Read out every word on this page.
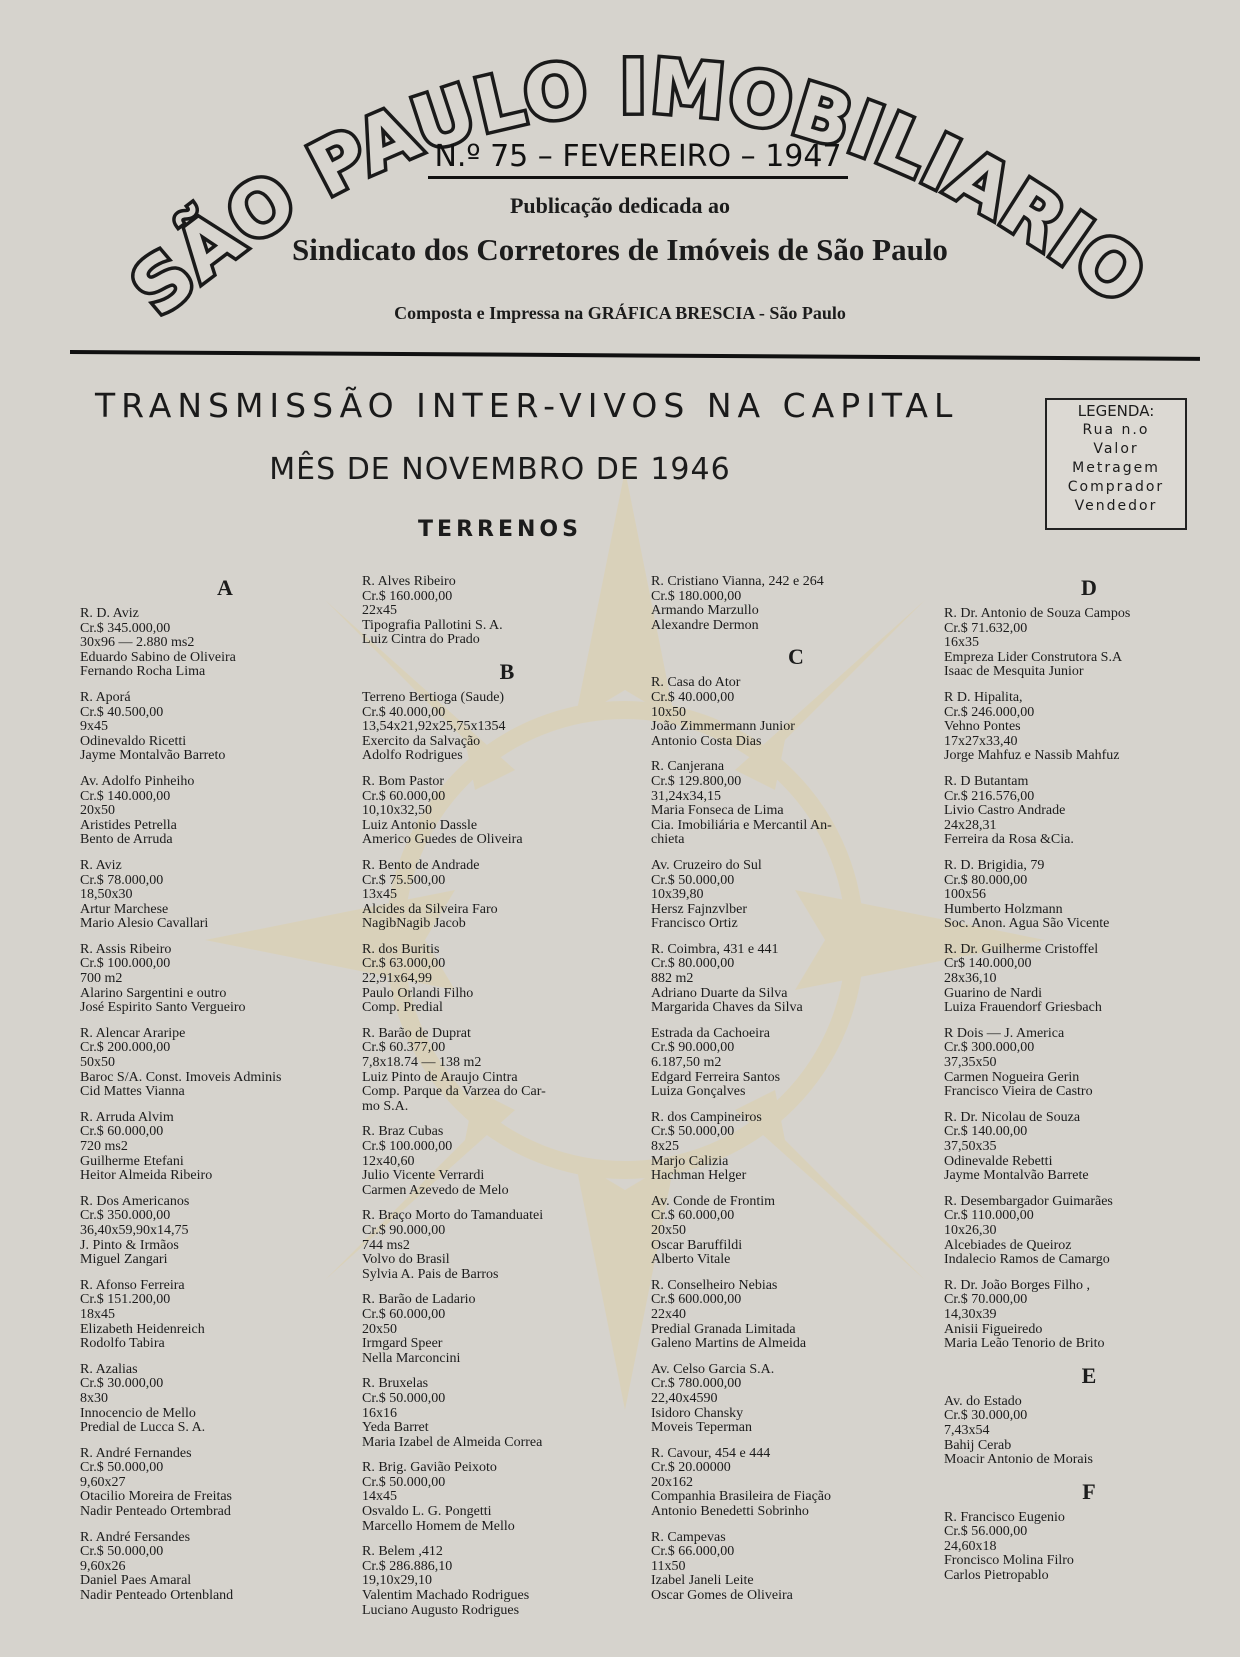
SÃO PAULO IMOBILIARIO
N.º 75 – FEVEREIRO – 1947
Publicação dedicada ao
Sindicato dos Corretores de Imóveis de São Paulo
Composta e Impressa na GRÁFICA BRESCIA - São Paulo
TRANSMISSÃO INTER-VIVOS NA CAPITAL	LEGENDA:
Rua n.o
Valor
Metragem
Comprador
Vendedor
MÊS DE NOVEMBRO DE 1946
TERRENOS
A
R. D. Aviz
Cr.$ 345.000,00
30x96 — 2.880 ms2
Eduardo Sabino de Oliveira
Fernando Rocha Lima
R. Aporá
Cr.$ 40.500,00
9x45
Odinevaldo Ricetti
Jayme Montalvão Barreto
Av. Adolfo Pinheiho
Cr.$ 140.000,00
20x50
Aristides Petrella
Bento de Arruda
R. Aviz
Cr.$ 78.000,00
18,50x30
Artur Marchese
Mario Alesio Cavallari
R. Assis Ribeiro
Cr.$ 100.000,00
700 m2
Alarino Sargentini e outro
José Espirito Santo Vergueiro
R. Alencar Araripe
Cr.$ 200.000,00
50x50
Baroc S/A. Const. Imoveis Adminis
Cid Mattes Vianna
R. Arruda Alvim
Cr.$ 60.000,00
720 ms2
Guilherme Etefani
Heitor Almeida Ribeiro
R. Dos Americanos
Cr.$ 350.000,00
36,40x59,90x14,75
J. Pinto & Irmãos
Miguel Zangari
R. Afonso Ferreira
Cr.$ 151.200,00
18x45
Elizabeth Heidenreich
Rodolfo Tabira
R. Azalias
Cr.$ 30.000,00
8x30
Innocencio de Mello
Predial de Lucca S. A.
R. André Fernandes
Cr.$ 50.000,00
9,60x27
Otacilio Moreira de Freitas
Nadir Penteado Ortembrad
R. André Fersandes
Cr.$ 50.000,00
9,60x26
Daniel Paes Amaral
Nadir Penteado Ortenbland
R. Alves Ribeiro
Cr.$ 160.000,00
22x45
Tipografia Pallotini S. A.
Luiz Cintra do Prado
B
Terreno Bertioga (Saude)
Cr.$ 40.000,00
13,54x21,92x25,75x1354
Exercito da Salvação
Adolfo Rodrigues
R. Bom Pastor
Cr.$ 60.000,00
10,10x32,50
Luiz Antonio Dassle
Americo Guedes de Oliveira
R. Bento de Andrade
Cr.$ 75.500,00
13x45
Alcides da Silveira Faro
NagibNagib Jacob
R. dos Buritis
Cr.$ 63.000,00
22,91x64,99
Paulo Orlandi Filho
Comp. Predial
R. Barão de Duprat
Cr.$ 60.377,00
7,8x18.74 — 138 m2
Luiz Pinto de Araujo Cintra
Comp. Parque da Varzea do Car-
mo S.A.
R. Braz Cubas
Cr.$ 100.000,00
12x40,60
Julio Vicente Verrardi
Carmen Azevedo de Melo
R. Braço Morto do Tamanduatei
Cr.$ 90.000,00
744 ms2
Volvo do Brasil
Sylvia A. Pais de Barros
R. Barão de Ladario
Cr.$ 60.000,00
20x50
Irmgard Speer
Nella Marconcini
R. Bruxelas
Cr.$ 50.000,00
16x16
Yeda Barret
Maria Izabel de Almeida Correa
R. Brig. Gavião Peixoto
Cr.$ 50.000,00
14x45
Osvaldo L. G. Pongetti
Marcello Homem de Mello
R. Belem ,412
Cr.$ 286.886,10
19,10x29,10
Valentim Machado Rodrigues
Luciano Augusto Rodrigues
R. Cristiano Vianna, 242 e 264
Cr.$ 180.000,00
Armando Marzullo
Alexandre Dermon
C
R. Casa do Ator
Cr.$ 40.000,00
10x50
João Zimmermann Junior
Antonio Costa Dias
R. Canjerana
Cr.$ 129.800,00
31,24x34,15
Maria Fonseca de Lima
Cia. Imobiliária e Mercantil An-
chieta
Av. Cruzeiro do Sul
Cr.$ 50.000,00
10x39,80
Hersz Fajnzvlber
Francisco Ortiz
R. Coimbra, 431 e 441
Cr.$ 80.000,00
882 m2
Adriano Duarte da Silva
Margarida Chaves da Silva
Estrada da Cachoeira
Cr.$ 90.000,00
6.187,50 m2
Edgard Ferreira Santos
Luiza Gonçalves
R. dos Campineiros
Cr.$ 50.000,00
8x25
Marjo Calizia
Hachman Helger
Av. Conde de Frontim
Cr.$ 60.000,00
20x50
Oscar Baruffildi
Alberto Vitale
R. Conselheiro Nebias
Cr.$ 600.000,00
22x40
Predial Granada Limitada
Galeno Martins de Almeida
Av. Celso Garcia S.A.
Cr.$ 780.000,00
22,40x4590
Isidoro Chansky
Moveis Teperman
R. Cavour, 454 e 444
Cr.$ 20.00000
20x162
Companhia Brasileira de Fiação
Antonio Benedetti Sobrinho
R. Campevas
Cr.$ 66.000,00
11x50
Izabel Janeli Leite
Oscar Gomes de Oliveira
D
R. Dr. Antonio de Souza Campos
Cr.$ 71.632,00
16x35
Empreza Lider Construtora S.A
Isaac de Mesquita Junior
R D. Hipalita,
Cr.$ 246.000,00
Vehno Pontes
17x27x33,40
Jorge Mahfuz e Nassib Mahfuz
R. D Butantam
Cr.$ 216.576,00
Livio Castro Andrade
24x28,31
Ferreira da Rosa &Cia.
R. D. Brigidia, 79
Cr.$ 80.000,00
100x56
Humberto Holzmann
Soc. Anon. Agua São Vicente
R. Dr. Guilherme Cristoffel
Cr$ 140.000,00
28x36,10
Guarino de Nardi
Luiza Frauendorf Griesbach
R Dois — J. America
Cr.$ 300.000,00
37,35x50
Carmen Nogueira Gerin
Francisco Vieira de Castro
R. Dr. Nicolau de Souza
Cr.$ 140.00,00
37,50x35
Odinevalde Rebetti
Jayme Montalvão Barrete
R. Desembargador Guimarães
Cr.$ 110.000,00
10x26,30
Alcebiades de Queiroz
Indalecio Ramos de Camargo
R. Dr. João Borges Filho ,
Cr.$ 70.000,00
14,30x39
Anisii Figueiredo
Maria Leão Tenorio de Brito
E
Av. do Estado
Cr.$ 30.000,00
7,43x54
Bahij Cerab
Moacir Antonio de Morais
F
R. Francisco Eugenio
Cr.$ 56.000,00
24,60x18
Froncisco Molina Filro
Carlos Pietropablo
